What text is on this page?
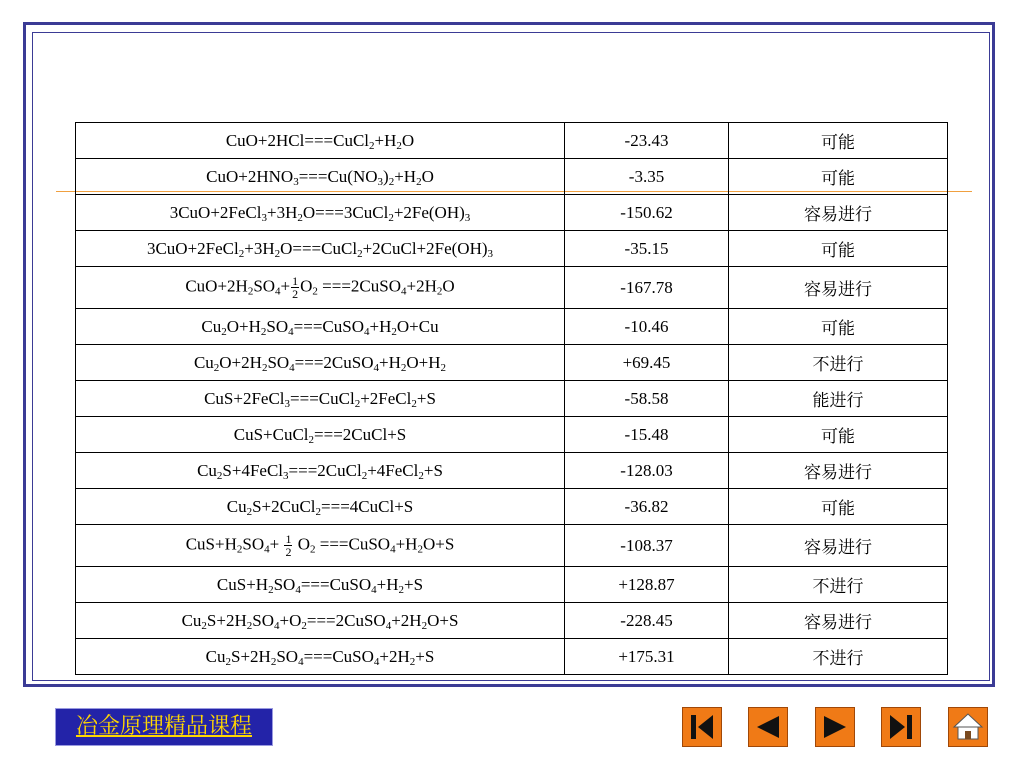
$CuO+2HCl===CuCl_2+H_2O$	-23.43	可能
$CuO+2HNO_3===Cu(NO_3)_2+H_2O$	-3.35	可能
$3CuO+2FeCl_3+3H_2O===3CuCl_2+2Fe(OH)_3$	-150.62	容易进行
$3CuO+2FeCl_2+3H_2O===CuCl_2+2CuCl+2Fe(OH)_3$	-35.15	可能
$CuO+2H_2SO_4+ \frac{1}{2} O_2$ $===2CuSO_4+2H_2O$	-167.78	容易进行
$Cu_2O+H_2SO_4===CuSO_4+H_2O+Cu$	-10.46	可能
$Cu_2O+2H_2SO_4===2CuSO_4+H_2O+H_2$	+69.45	不进行
CuS+2FeCl$_3$===CuCl$_2$+2FeCl$_2$+S	-58.58	能进行
CuS+CuCl$_2$===2CuCl+S	-15.48	可能
$Cu_2S+4FeCl_3===2CuCl_2+4FeCl_2+S$	-128.03	容易进行
$Cu_2S+2CuCl_2===4CuCl+S$	-36.82	可能
$CuS+H_2SO_4+ \frac{1}{2} O_2$ $===CuSO_4+H_2O+S$	-108.37	容易进行
$CuS+H_2SO_4===CuSO_4+H_2+S$	+128.87	不进行
$Cu_2S+2H_2SO_4+O_2===2CuSO_4+2H_2O+S$	-228.45	容易进行
$Cu_2S+2H_2SO_4===CuSO_4+2H_2+S$	+175.31	不进行
冶金原理精品课程
